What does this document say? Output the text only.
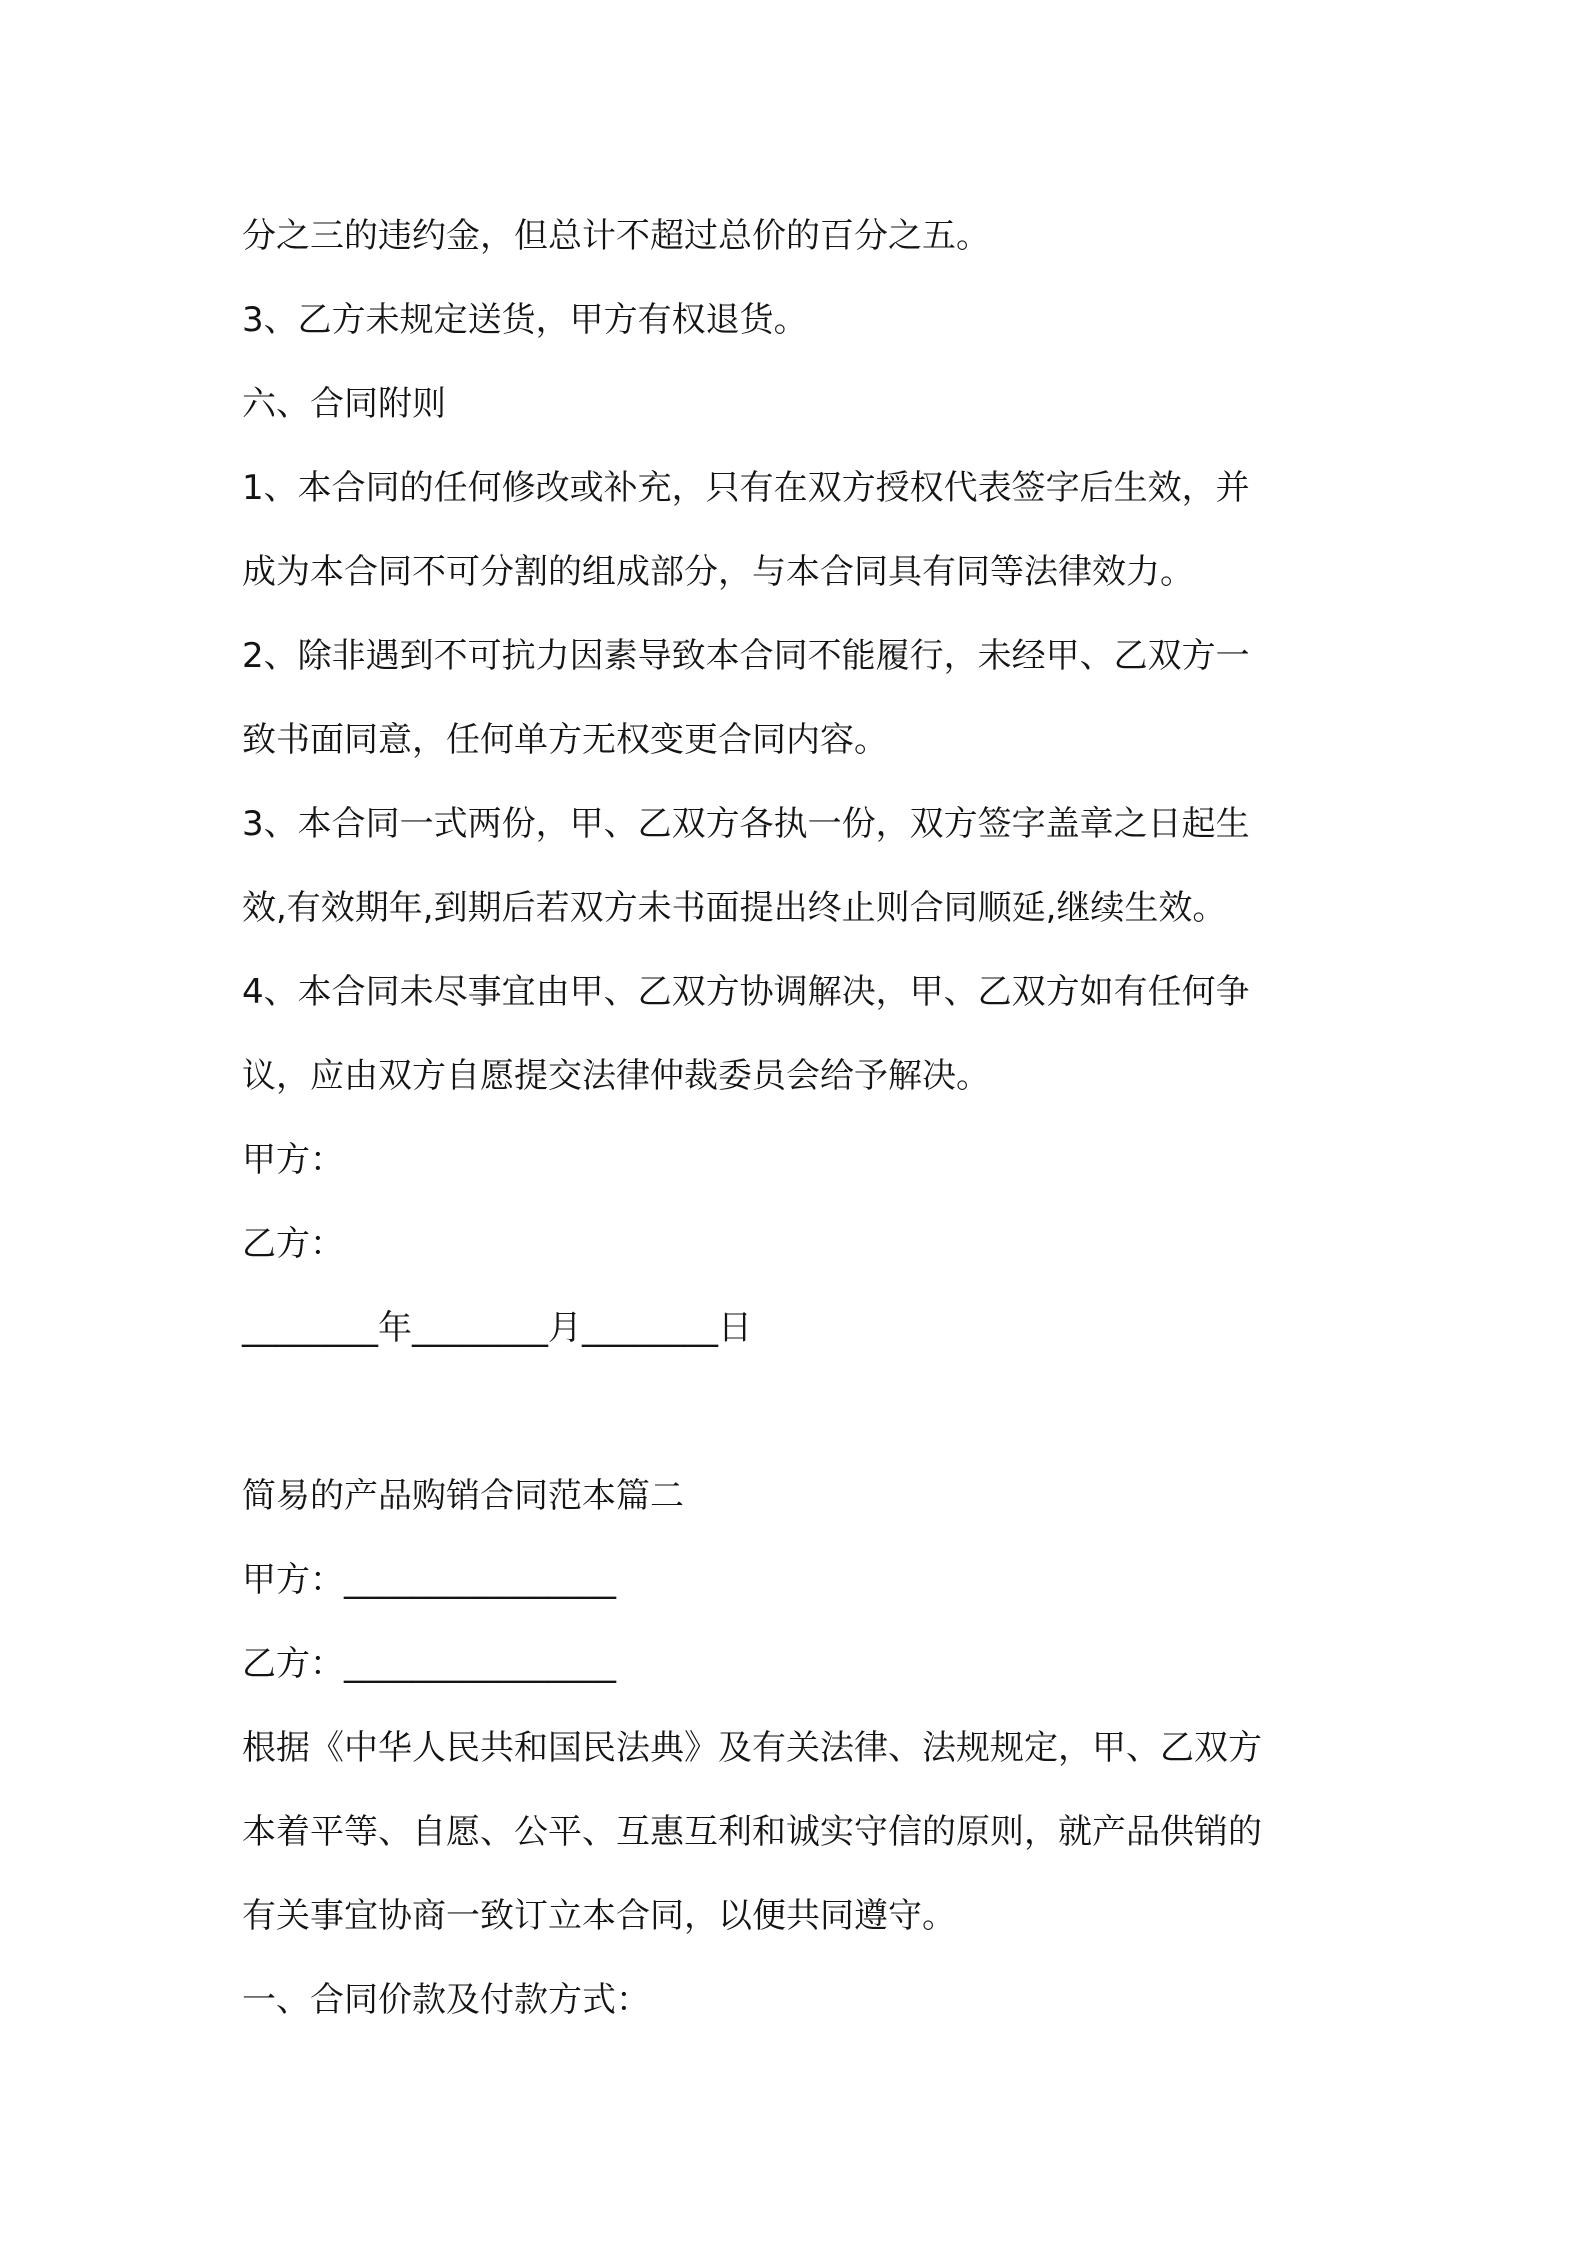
分之三的违约金，但总计不超过总价的百分之五。
3、乙方未规定送货，甲方有权退货。
六、合同附则
1、本合同的任何修改或补充，只有在双方授权代表签字后生效，并
成为本合同不可分割的组成部分，与本合同具有同等法律效力。
2、除非遇到不可抗力因素导致本合同不能履行，未经甲、乙双方一
致书面同意，任何单方无权变更合同内容。
3、本合同一式两份，甲、乙双方各执一份，双方签字盖章之日起生
效,有效期年,到期后若双方未书面提出终止则合同顺延,继续生效。
4、本合同未尽事宜由甲、乙双方协调解决，甲、乙双方如有任何争
议，应由双方自愿提交法律仲裁委员会给予解决。
甲方：
乙方：
________年________月________日
简易的产品购销合同范本篇二
甲方：________________
乙方：________________
根据《中华人民共和国民法典》及有关法律、法规规定，甲、乙双方
本着平等、自愿、公平、互惠互利和诚实守信的原则，就产品供销的
有关事宜协商一致订立本合同，以便共同遵守。
一、合同价款及付款方式：
